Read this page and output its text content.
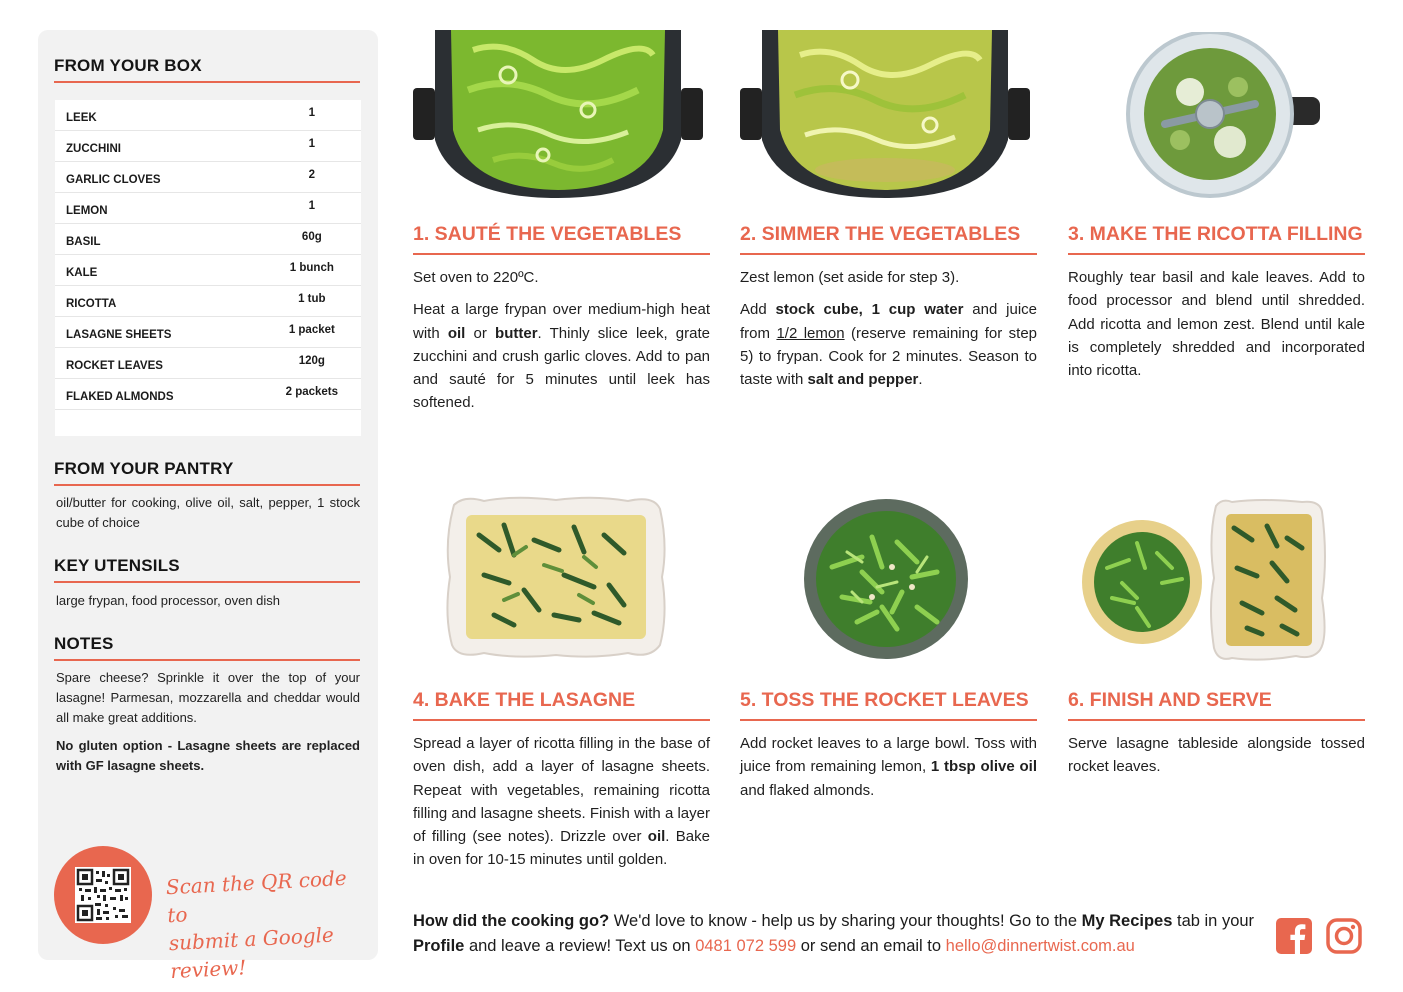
FROM YOUR BOX
LEEK	1
ZUCCHINI	1
GARLIC CLOVES	2
LEMON	1
BASIL	60g
KALE	1 bunch
RICOTTA	1 tub
LASAGNE SHEETS	1 packet
ROCKET LEAVES	120g
FLAKED ALMONDS	2 packets
FROM YOUR PANTRY
oil/butter for cooking, olive oil, salt, pepper, 1 stock cube of choice
KEY UTENSILS
large frypan, food processor, oven dish
NOTES
Spare cheese? Sprinkle it over the top of your lasagne! Parmesan, mozzarella and cheddar would all make great additions.
No gluten option - Lasagne sheets are replaced with GF lasagne sheets.
Scan the QR code to
submit a Google review!
1. SAUTÉ THE VEGETABLES

Set oven to 220ºC.

Heat a large frypan over medium-high heat with oil or butter. Thinly slice leek, grate zucchini and crush garlic cloves. Add to pan and sauté for 5 minutes until leek has softened.

2. SIMMER THE VEGETABLES

Zest lemon (set aside for step 3).

Add stock cube, 1 cup water and juice from 1/2 lemon (reserve remaining for step 5) to frypan. Cook for 2 minutes. Season to taste with salt and pepper.

3. MAKE THE RICOTTA FILLING

Roughly tear basil and kale leaves. Add to food processor and blend until shredded. Add ricotta and lemon zest. Blend until kale is completely shredded and incorporated into ricotta.

4. BAKE THE LASAGNE

Spread a layer of ricotta filling in the base of oven dish, add a layer of lasagne sheets. Repeat with vegetables, remaining ricotta filling and lasagne sheets. Finish with a layer of filling (see notes). Drizzle over oil. Bake in oven for 10-15 minutes until golden.

5. TOSS THE ROCKET LEAVES

Add rocket leaves to a large bowl. Toss with juice from remaining lemon, 1 tbsp olive oil and flaked almonds.

6. FINISH AND SERVE

Serve lasagne tableside alongside tossed rocket leaves.

How did the cooking go? We'd love to know - help us by sharing your thoughts! Go to the My Recipes tab in your Profile and leave a review! Text us on 0481 072 599 or send an email to hello@dinnertwist.com.au
